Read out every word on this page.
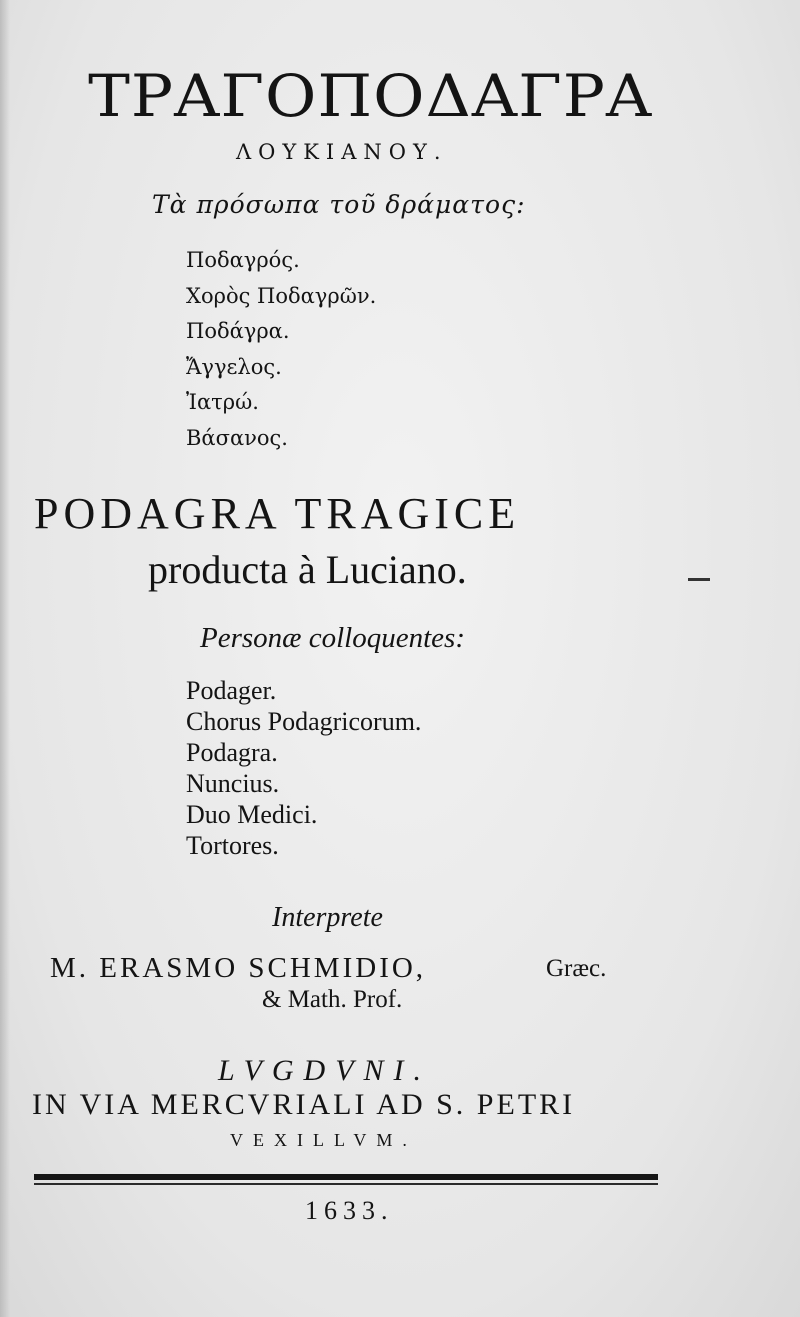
ΤΡΑΓΟΠΟΔΑΓΡΑ
ΛΟΥΚΙΑΝΟΥ.
Τὰ πρόσωπα τοῦ δράματος:
Ποδαγρός.
Χορὸς Ποδαγρῶν.
Ποδάγρα.
Ἄγγελος.
Ἰατρώ.
Βάσανος.
PODAGRA TRAGICE
producta à Luciano.
Personæ colloquentes:
Podager.
Chorus Podagricorum.
Podagra.
Nuncius.
Duo Medici.
Tortores.
Interprete
M. ERASMO SCHMIDIO,	Græc.
& Math. Prof.
LVGDVNI.
IN VIA MERCVRIALI AD S. PETRI
VEXILLVM.
1633.
